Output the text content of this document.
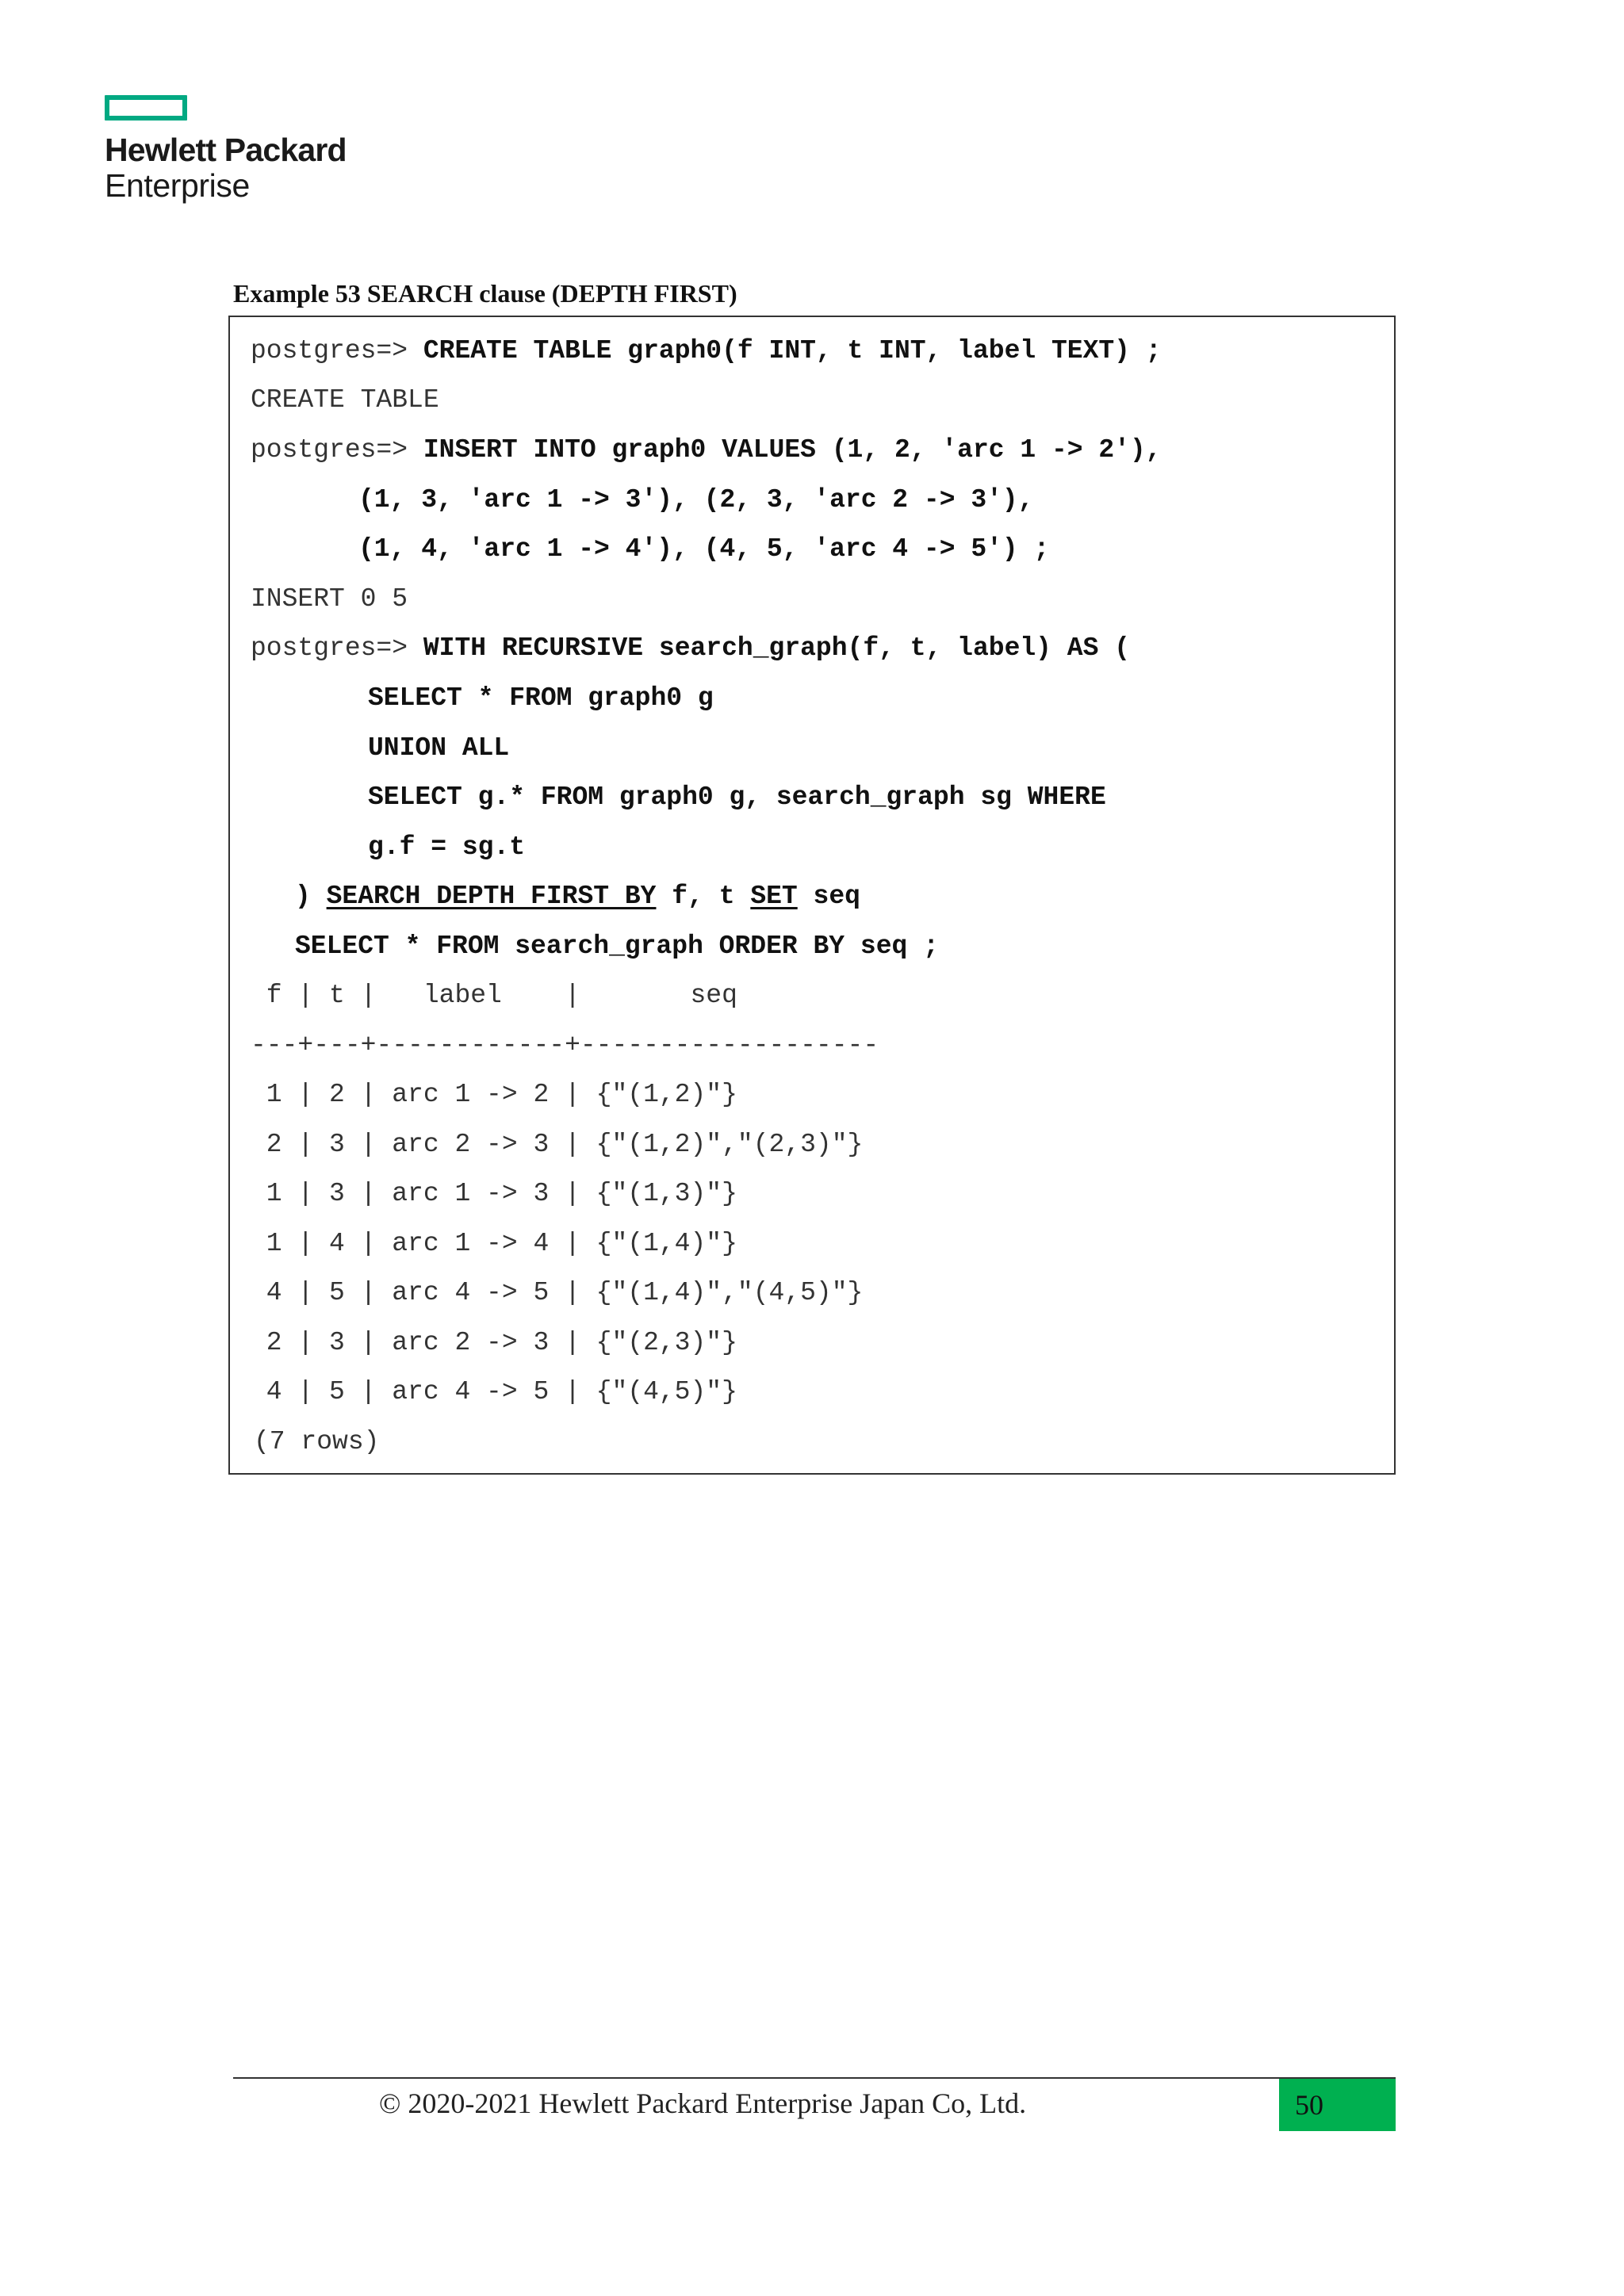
Hewlett Packard
Enterprise
Example 53 SEARCH clause (DEPTH FIRST)
postgres=> CREATE TABLE graph0(f INT, t INT, label TEXT) ;
CREATE TABLE
postgres=> INSERT INTO graph0 VALUES (1, 2, 'arc 1 -> 2'),
(1, 3, 'arc 1 -> 3'), (2, 3, 'arc 2 -> 3'),
(1, 4, 'arc 1 -> 4'), (4, 5, 'arc 4 -> 5') ;
INSERT 0 5
postgres=> WITH RECURSIVE search_graph(f, t, label) AS (
SELECT * FROM graph0 g
UNION ALL
SELECT g.* FROM graph0 g, search_graph sg WHERE
g.f = sg.t
) SEARCH DEPTH FIRST BY f, t SET seq
SELECT * FROM search_graph ORDER BY seq ;
f | t |   label    |       seq
---+---+------------+-------------------
1 | 2 | arc 1 -> 2 | {"(1,2)"}
2 | 3 | arc 2 -> 3 | {"(1,2)","(2,3)"}
1 | 3 | arc 1 -> 3 | {"(1,3)"}
1 | 4 | arc 1 -> 4 | {"(1,4)"}
4 | 5 | arc 4 -> 5 | {"(1,4)","(4,5)"}
2 | 3 | arc 2 -> 3 | {"(2,3)"}
4 | 5 | arc 4 -> 5 | {"(4,5)"}
(7 rows)
© 2020-2021 Hewlett Packard Enterprise Japan Co, Ltd.	50
